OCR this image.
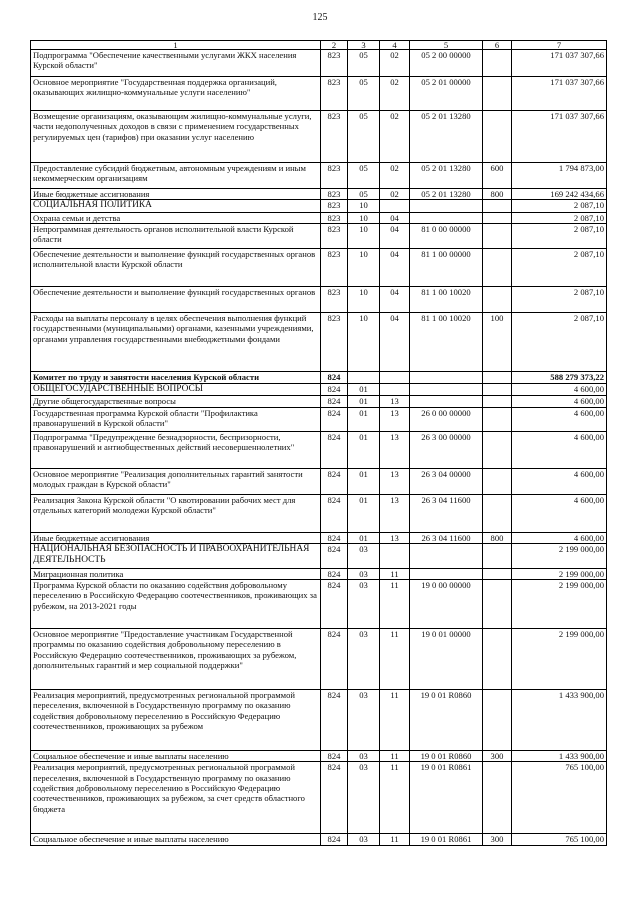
125
1	2	3	4	5	6	7
Подпрограмма "Обеспечение качественными услугами ЖКХ населения Курской области"	823	05	02	05 2 00 00000		171 037 307,66
Основное мероприятие "Государственная поддержка организаций, оказывающих жилищно-коммунальные услуги населению"	823	05	02	05 2 01 00000		171 037 307,66
Возмещение организациям, оказывающим жилищно-коммунальные услуги, части недополученных доходов в связи с применением государственных регулируемых цен (тарифов) при оказании услуг населению	823	05	02	05 2 01 13280		171 037 307,66
Предоставление субсидий бюджетным, автономным учреждениям и иным некоммерческим организациям	823	05	02	05 2 01 13280	600	1 794 873,00
Иные бюджетные ассигнования	823	05	02	05 2 01 13280	800	169 242 434,66
СОЦИАЛЬНАЯ ПОЛИТИКА	823	10				2 087,10
Охрана семьи и детства	823	10	04			2 087,10
Непрограммная деятельность органов исполнительной власти Курской области	823	10	04	81 0 00 00000		2 087,10
Обеспечение деятельности и выполнение функций государственных органов исполнительной власти Курской области	823	10	04	81 1 00 00000		2 087,10
Обеспечение деятельности и выполнение функций государственных органов	823	10	04	81 1 00 10020		2 087,10
Расходы на выплаты персоналу в целях обеспечения выполнения функций государственными (муниципальными) органами, казенными учреждениями, органами управления государственными внебюджетными фондами	823	10	04	81 1 00 10020	100	2 087,10
Комитет по труду и занятости населения Курской области	824					588 279 373,22
ОБЩЕГОСУДАРСТВЕННЫЕ ВОПРОСЫ	824	01				4 600,00
Другие общегосударственные вопросы	824	01	13			4 600,00
Государственная программа Курской области "Профилактика правонарушений в Курской области"	824	01	13	26 0 00 00000		4 600,00
Подпрограмма "Предупреждение безнадзорности, беспризорности, правонарушений и антиобщественных действий несовершеннолетних"	824	01	13	26 3 00 00000		4 600,00
Основное мероприятие "Реализация дополнительных гарантий занятости молодых граждан в Курской области"	824	01	13	26 3 04 00000		4 600,00
Реализация Закона Курской области "О квотировании рабочих мест для отдельных категорий молодежи Курской области"	824	01	13	26 3 04 11600		4 600,00
Иные бюджетные ассигнования	824	01	13	26 3 04 11600	800	4 600,00
НАЦИОНАЛЬНАЯ БЕЗОПАСНОСТЬ И ПРАВООХРАНИТЕЛЬНАЯ ДЕЯТЕЛЬНОСТЬ	824	03				2 199 000,00
Миграционная политика	824	03	11			2 199 000,00
Программа Курской области по оказанию содействия добровольному переселению в Российскую Федерацию соотечественников, проживающих за рубежом, на 2013-2021 годы	824	03	11	19 0 00 00000		2 199 000,00
Основное мероприятие "Предоставление участникам Государственной программы по оказанию содействия добровольному переселению в Российскую Федерацию соотечественников, проживающих за рубежом, дополнительных гарантий и мер социальной поддержки"	824	03	11	19 0 01 00000		2 199 000,00
Реализация мероприятий, предусмотренных региональной программой переселения, включенной в Государственную программу по оказанию содействия добровольному переселению в Российскую Федерацию соотечественников, проживающих за рубежом	824	03	11	19 0 01 R0860		1 433 900,00
Социальное обеспечение и иные выплаты населению	824	03	11	19 0 01 R0860	300	1 433 900,00
Реализация мероприятий, предусмотренных региональной программой переселения, включенной в Государственную программу по оказанию содействия добровольному переселению в Российскую Федерацию соотечественников, проживающих за рубежом, за счет средств областного бюджета	824	03	11	19 0 01 R0861		765 100,00
Социальное обеспечение и иные выплаты населению	824	03	11	19 0 01 R0861	300	765 100,00
